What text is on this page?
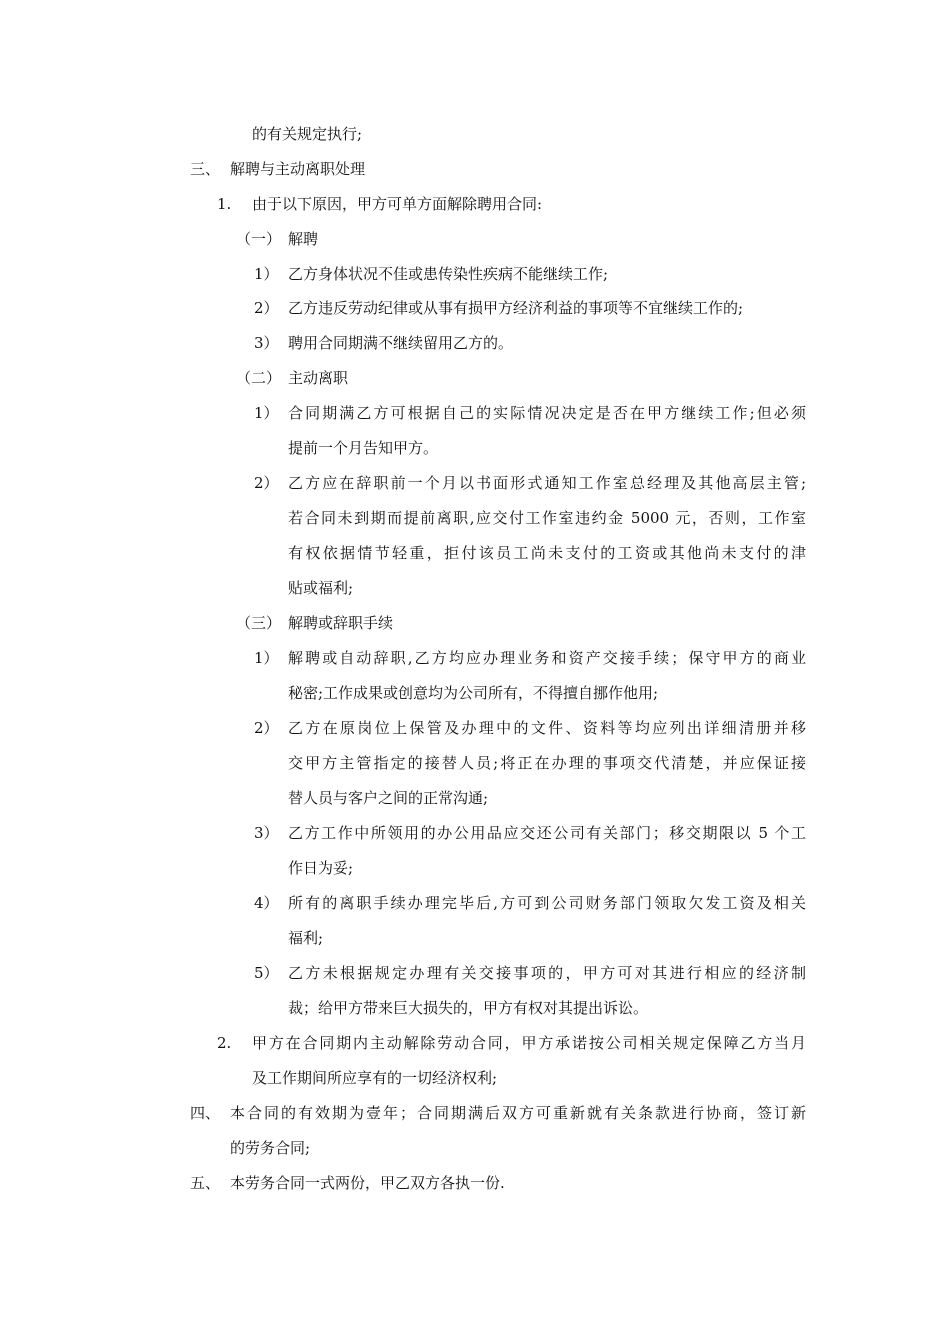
的有关规定执行;
三、 解聘与主动离职处理
1. 由于以下原因，甲方可单方面解除聘用合同:
（一） 解聘
1） 乙方身体状况不佳或患传染性疾病不能继续工作;
2） 乙方违反劳动纪律或从事有损甲方经济利益的事项等不宜继续工作的;
3） 聘用合同期满不继续留用乙方的。
（二） 主动离职
1） 合同期满乙方可根据自己的实际情况决定是否在甲方继续工作;但必须
提前一个月告知甲方。
2） 乙方应在辞职前一个月以书面形式通知工作室总经理及其他高层主管;
若合同未到期而提前离职,应交付工作室违约金 5000 元，否则，工作室
有权依据情节轻重，拒付该员工尚未支付的工资或其他尚未支付的津
贴或福利;
（三） 解聘或辞职手续
1） 解聘或自动辞职,乙方均应办理业务和资产交接手续；保守甲方的商业
秘密;工作成果或创意均为公司所有，不得擅自挪作他用;
2） 乙方在原岗位上保管及办理中的文件、资料等均应列出详细清册并移
交甲方主管指定的接替人员;将正在办理的事项交代清楚，并应保证接
替人员与客户之间的正常沟通;
3） 乙方工作中所领用的办公用品应交还公司有关部门；移交期限以 5 个工
作日为妥;
4） 所有的离职手续办理完毕后,方可到公司财务部门领取欠发工资及相关
福利;
5） 乙方未根据规定办理有关交接事项的，甲方可对其进行相应的经济制
裁；给甲方带来巨大损失的，甲方有权对其提出诉讼。
2. 甲方在合同期内主动解除劳动合同，甲方承诺按公司相关规定保障乙方当月
及工作期间所应享有的一切经济权利;
四、 本合同的有效期为壹年；合同期满后双方可重新就有关条款进行协商，签订新
的劳务合同;
五、 本劳务合同一式两份，甲乙双方各执一份.
